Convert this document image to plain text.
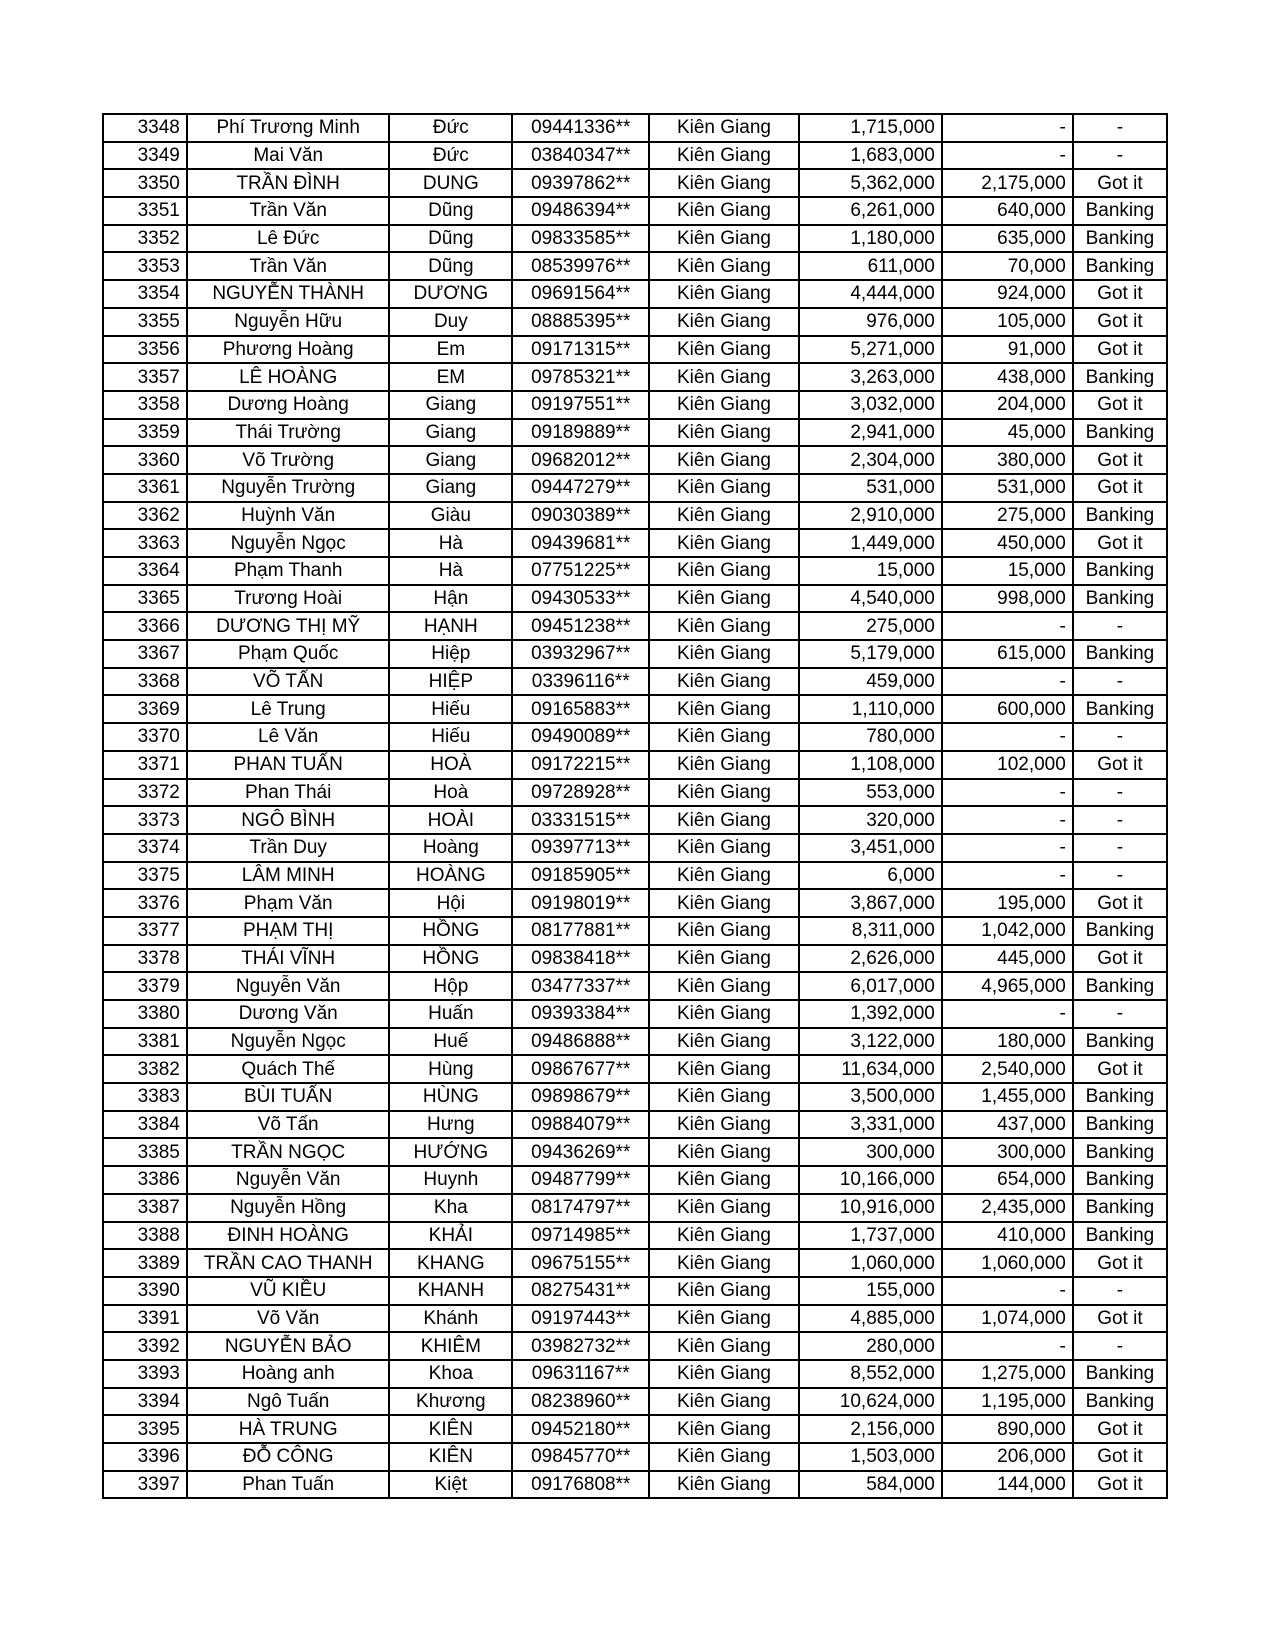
3348	Phí Trương Minh	Đức	09441336**	Kiên Giang	1,715,000	-	-
3349	Mai Văn	Đức	03840347**	Kiên Giang	1,683,000	-	-
3350	TRẦN ĐÌNH	DUNG	09397862**	Kiên Giang	5,362,000	2,175,000	Got it
3351	Trần Văn	Dũng	09486394**	Kiên Giang	6,261,000	640,000	Banking
3352	Lê Đức	Dũng	09833585**	Kiên Giang	1,180,000	635,000	Banking
3353	Trần Văn	Dũng	08539976**	Kiên Giang	611,000	70,000	Banking
3354	NGUYỄN THÀNH	DƯƠNG	09691564**	Kiên Giang	4,444,000	924,000	Got it
3355	Nguyễn Hữu	Duy	08885395**	Kiên Giang	976,000	105,000	Got it
3356	Phương Hoàng	Em	09171315**	Kiên Giang	5,271,000	91,000	Got it
3357	LÊ HOÀNG	EM	09785321**	Kiên Giang	3,263,000	438,000	Banking
3358	Dương Hoàng	Giang	09197551**	Kiên Giang	3,032,000	204,000	Got it
3359	Thái Trường	Giang	09189889**	Kiên Giang	2,941,000	45,000	Banking
3360	Võ Trường	Giang	09682012**	Kiên Giang	2,304,000	380,000	Got it
3361	Nguyễn Trường	Giang	09447279**	Kiên Giang	531,000	531,000	Got it
3362	Huỳnh Văn	Giàu	09030389**	Kiên Giang	2,910,000	275,000	Banking
3363	Nguyễn Ngọc	Hà	09439681**	Kiên Giang	1,449,000	450,000	Got it
3364	Phạm Thanh	Hà	07751225**	Kiên Giang	15,000	15,000	Banking
3365	Trương Hoài	Hận	09430533**	Kiên Giang	4,540,000	998,000	Banking
3366	DƯƠNG THỊ MỸ	HẠNH	09451238**	Kiên Giang	275,000	-	-
3367	Phạm Quốc	Hiệp	03932967**	Kiên Giang	5,179,000	615,000	Banking
3368	VÕ TẤN	HIỆP	03396116**	Kiên Giang	459,000	-	-
3369	Lê Trung	Hiếu	09165883**	Kiên Giang	1,110,000	600,000	Banking
3370	Lê Văn	Hiếu	09490089**	Kiên Giang	780,000	-	-
3371	PHAN TUẤN	HOÀ	09172215**	Kiên Giang	1,108,000	102,000	Got it
3372	Phan Thái	Hoà	09728928**	Kiên Giang	553,000	-	-
3373	NGÔ BÌNH	HOÀI	03331515**	Kiên Giang	320,000	-	-
3374	Trần Duy	Hoàng	09397713**	Kiên Giang	3,451,000	-	-
3375	LÂM MINH	HOÀNG	09185905**	Kiên Giang	6,000	-	-
3376	Phạm Văn	Hội	09198019**	Kiên Giang	3,867,000	195,000	Got it
3377	PHẠM THỊ	HỒNG	08177881**	Kiên Giang	8,311,000	1,042,000	Banking
3378	THÁI VĨNH	HỒNG	09838418**	Kiên Giang	2,626,000	445,000	Got it
3379	Nguyễn Văn	Hộp	03477337**	Kiên Giang	6,017,000	4,965,000	Banking
3380	Dương Văn	Huấn	09393384**	Kiên Giang	1,392,000	-	-
3381	Nguyễn Ngọc	Huế	09486888**	Kiên Giang	3,122,000	180,000	Banking
3382	Quách Thế	Hùng	09867677**	Kiên Giang	11,634,000	2,540,000	Got it
3383	BÙI TUẤN	HÙNG	09898679**	Kiên Giang	3,500,000	1,455,000	Banking
3384	Võ Tấn	Hưng	09884079**	Kiên Giang	3,331,000	437,000	Banking
3385	TRẦN NGỌC	HƯỚNG	09436269**	Kiên Giang	300,000	300,000	Banking
3386	Nguyễn Văn	Huynh	09487799**	Kiên Giang	10,166,000	654,000	Banking
3387	Nguyễn Hồng	Kha	08174797**	Kiên Giang	10,916,000	2,435,000	Banking
3388	ĐINH HOÀNG	KHẢI	09714985**	Kiên Giang	1,737,000	410,000	Banking
3389	TRẦN CAO THANH	KHANG	09675155**	Kiên Giang	1,060,000	1,060,000	Got it
3390	VŨ KIỀU	KHANH	08275431**	Kiên Giang	155,000	-	-
3391	Võ Văn	Khánh	09197443**	Kiên Giang	4,885,000	1,074,000	Got it
3392	NGUYỄN BẢO	KHIÊM	03982732**	Kiên Giang	280,000	-	-
3393	Hoàng anh	Khoa	09631167**	Kiên Giang	8,552,000	1,275,000	Banking
3394	Ngô Tuấn	Khương	08238960**	Kiên Giang	10,624,000	1,195,000	Banking
3395	HÀ TRUNG	KIÊN	09452180**	Kiên Giang	2,156,000	890,000	Got it
3396	ĐỖ CÔNG	KIÊN	09845770**	Kiên Giang	1,503,000	206,000	Got it
3397	Phan Tuấn	Kiệt	09176808**	Kiên Giang	584,000	144,000	Got it
